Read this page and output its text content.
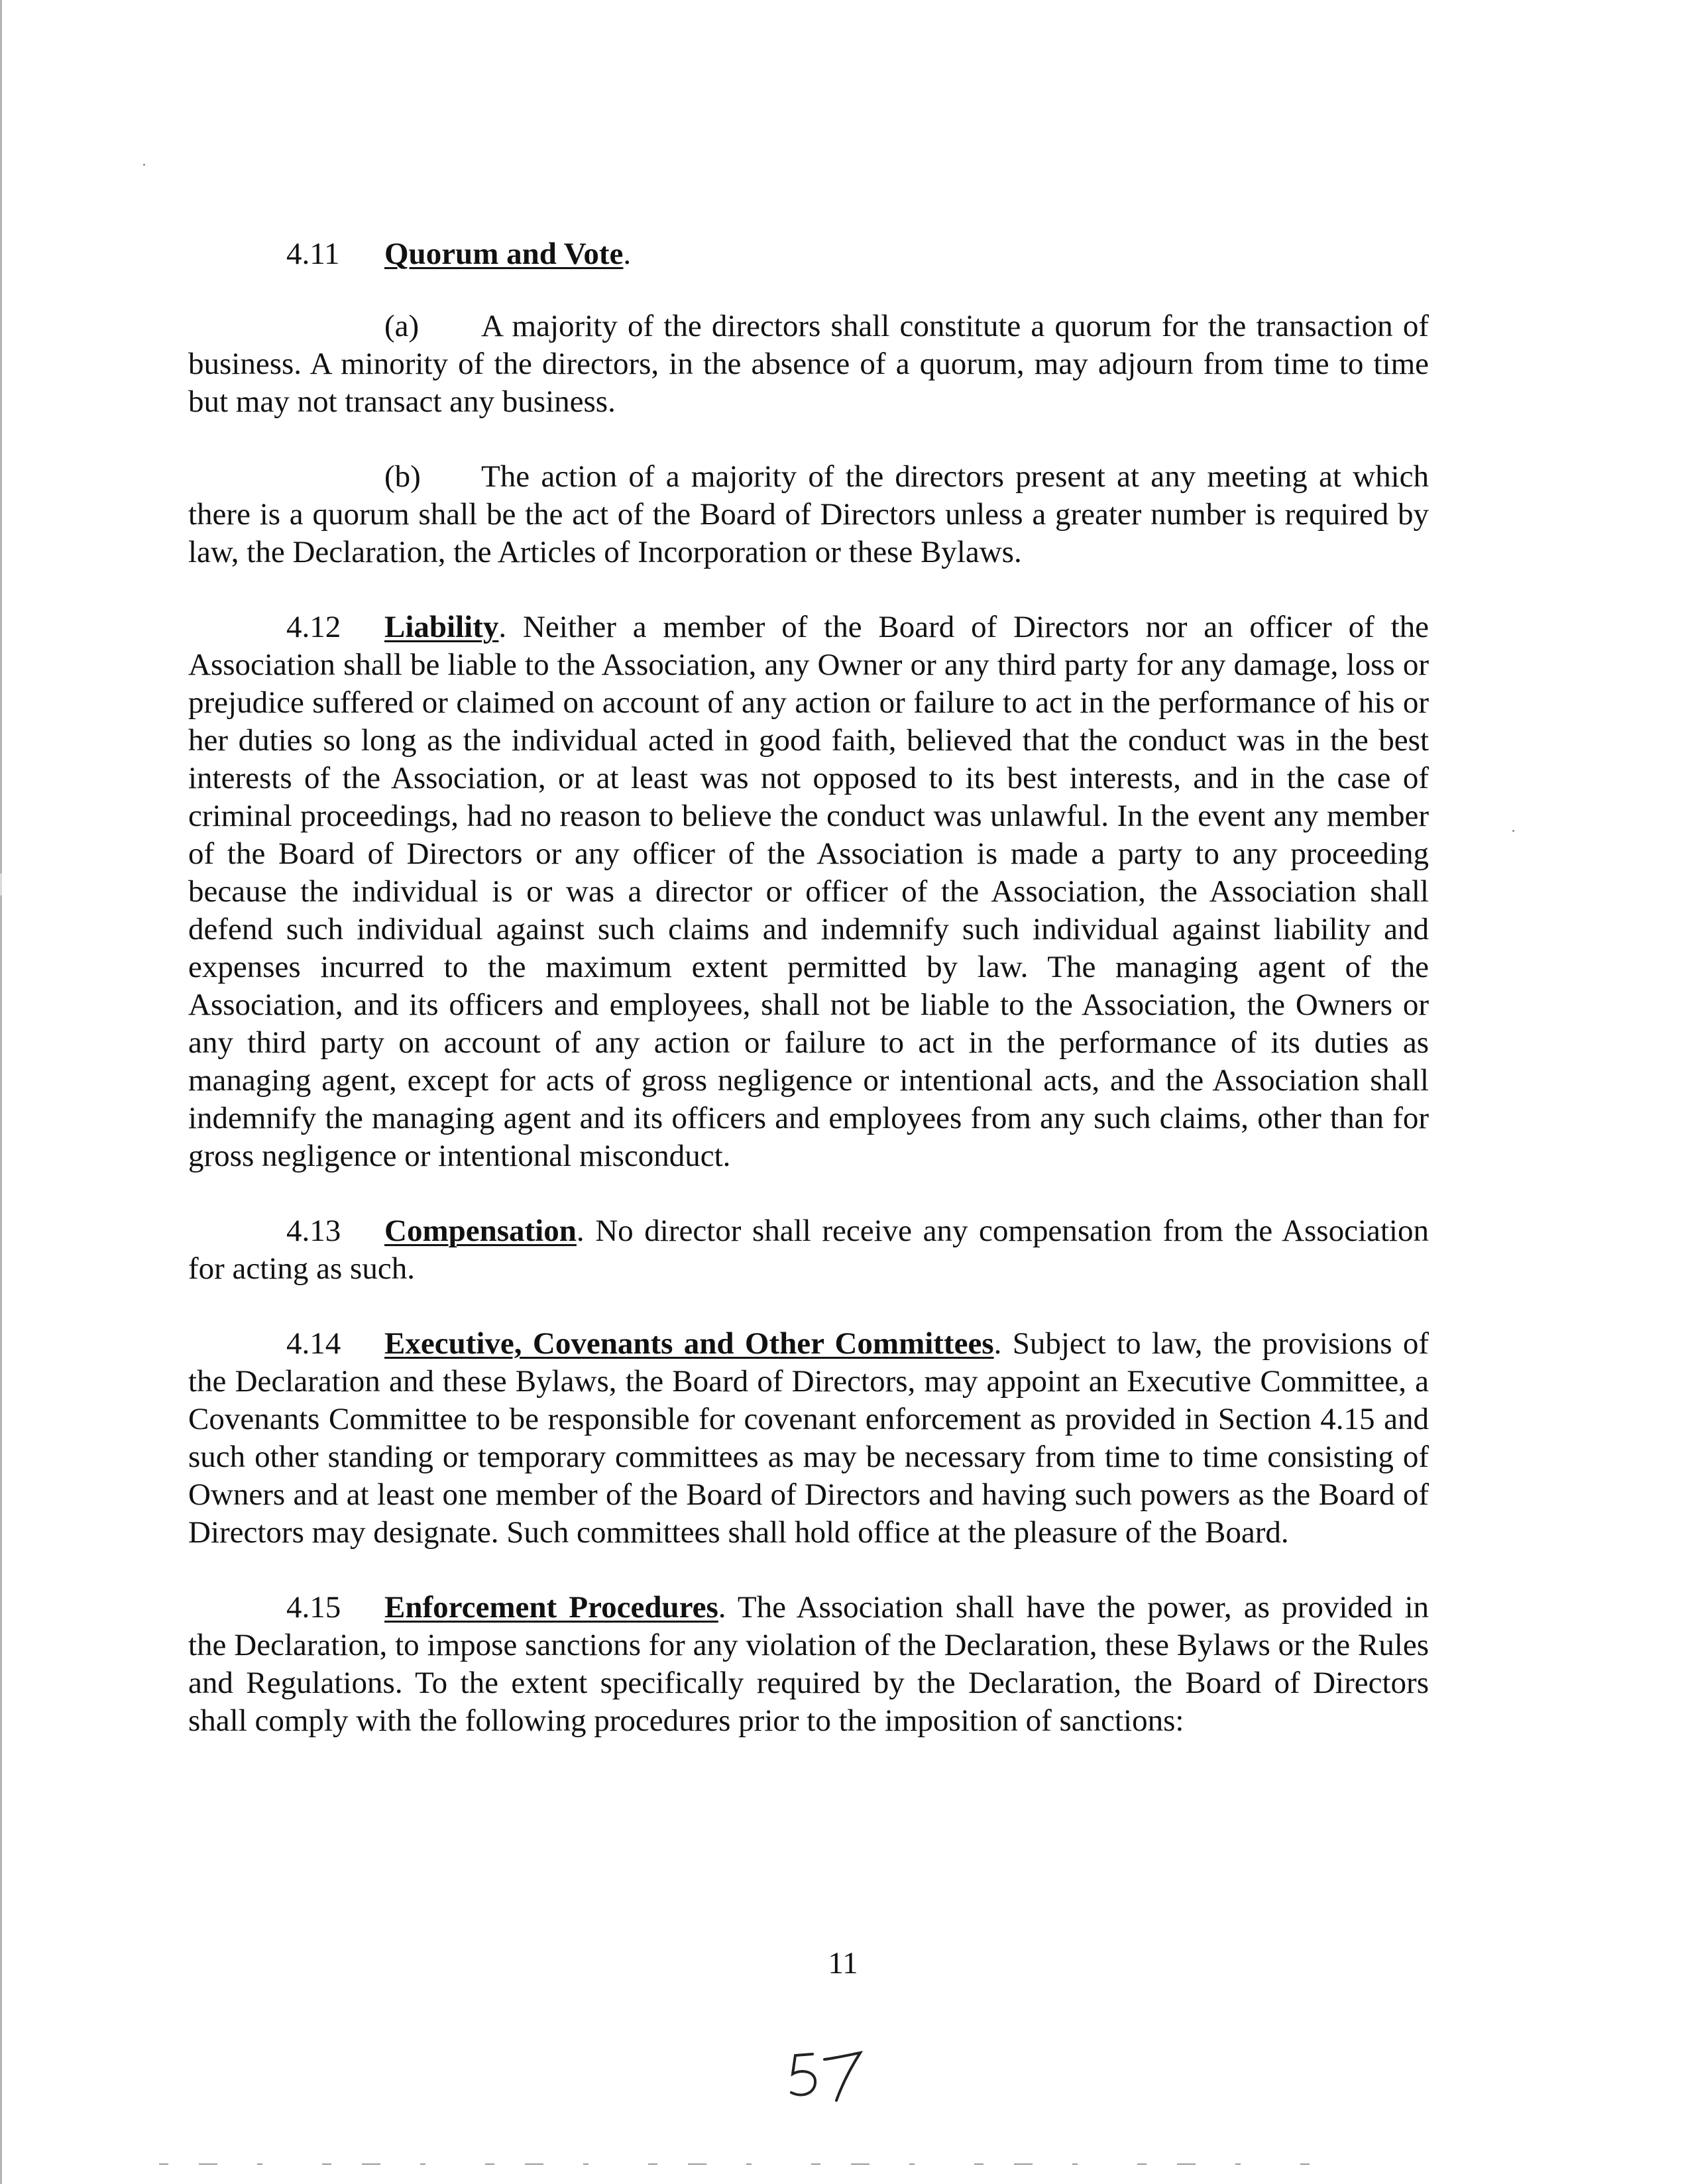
4.11 Quorum and Vote.

(a) A majority of the directors shall constitute a quorum for the transaction of business. A minority of the directors, in the absence of a quorum, may adjourn from time to time but may not transact any business.

(b) The action of a majority of the directors present at any meeting at which there is a quorum shall be the act of the Board of Directors unless a greater number is required by law, the Declaration, the Articles of Incorporation or these Bylaws.

4.12 Liability. Neither a member of the Board of Directors nor an officer of the Association shall be liable to the Association, any Owner or any third party for any damage, loss or prejudice suffered or claimed on account of any action or failure to act in the performance of his or her duties so long as the individual acted in good faith, believed that the conduct was in the best interests of the Association, or at least was not opposed to its best interests, and in the case of criminal proceedings, had no reason to believe the conduct was unlawful. In the event any member of the Board of Directors or any officer of the Association is made a party to any proceeding because the individual is or was a director or officer of the Association, the Association shall defend such individual against such claims and indemnify such individual against liability and expenses incurred to the maximum extent permitted by law. The managing agent of the Association, and its officers and employees, shall not be liable to the Association, the Owners or any third party on account of any action or failure to act in the performance of its duties as managing agent, except for acts of gross negligence or intentional acts, and the Association shall indemnify the managing agent and its officers and employees from any such claims, other than for gross negligence or intentional misconduct.

4.13 Compensation. No director shall receive any compensation from the Association for acting as such.

4.14 Executive, Covenants and Other Committees. Subject to law, the provisions of the Declaration and these Bylaws, the Board of Directors, may appoint an Executive Committee, a Covenants Committee to be responsible for covenant enforcement as provided in Section 4.15 and such other standing or temporary committees as may be necessary from time to time consisting of Owners and at least one member of the Board of Directors and having such powers as the Board of Directors may designate. Such committees shall hold office at the pleasure of the Board.

4.15 Enforcement Procedures. The Association shall have the power, as provided in the Declaration, to impose sanctions for any violation of the Declaration, these Bylaws or the Rules and Regulations. To the extent specifically required by the Declaration, the Board of Directors shall comply with the following procedures prior to the imposition of sanctions:

11
